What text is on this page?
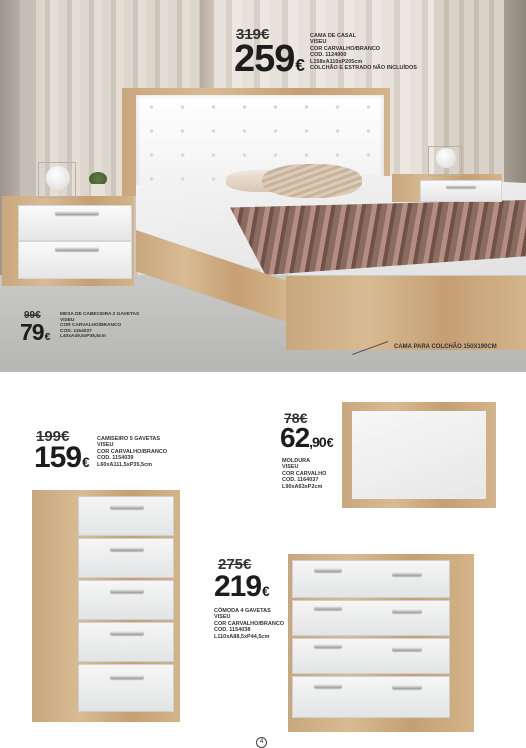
319€
259€
CAMA DE CASAL
VISEU
COR CARVALHO/BRANCO
COD. 1124000
L158xA110xP205cm
COLCHÃO E ESTRADO NÃO INCLUÍDOS
99€
79€
MESA DE CABECEIRA 2 GAVETAS
VISEU
COR CARVALHO/BRANCO
COD. 1154037
L40xA49,5xP35,5cm
CAMA PARA COLCHÃO 150X190CM
199€
159€
CAMISEIRO 5 GAVETAS
VISEU
COR CARVALHO/BRANCO
COD. 1154039
L60xA111,5xP35,5cm
78€
62,90€
MOLDURA
VISEU
COR CARVALHO
COD. 1164037
L90xA63xP2cm
275€
219€
CÓMODA 4 GAVETAS
VISEU
COR CARVALHO/BRANCO
COD. 1154038
L110xA88,5xP44,5cm
4
